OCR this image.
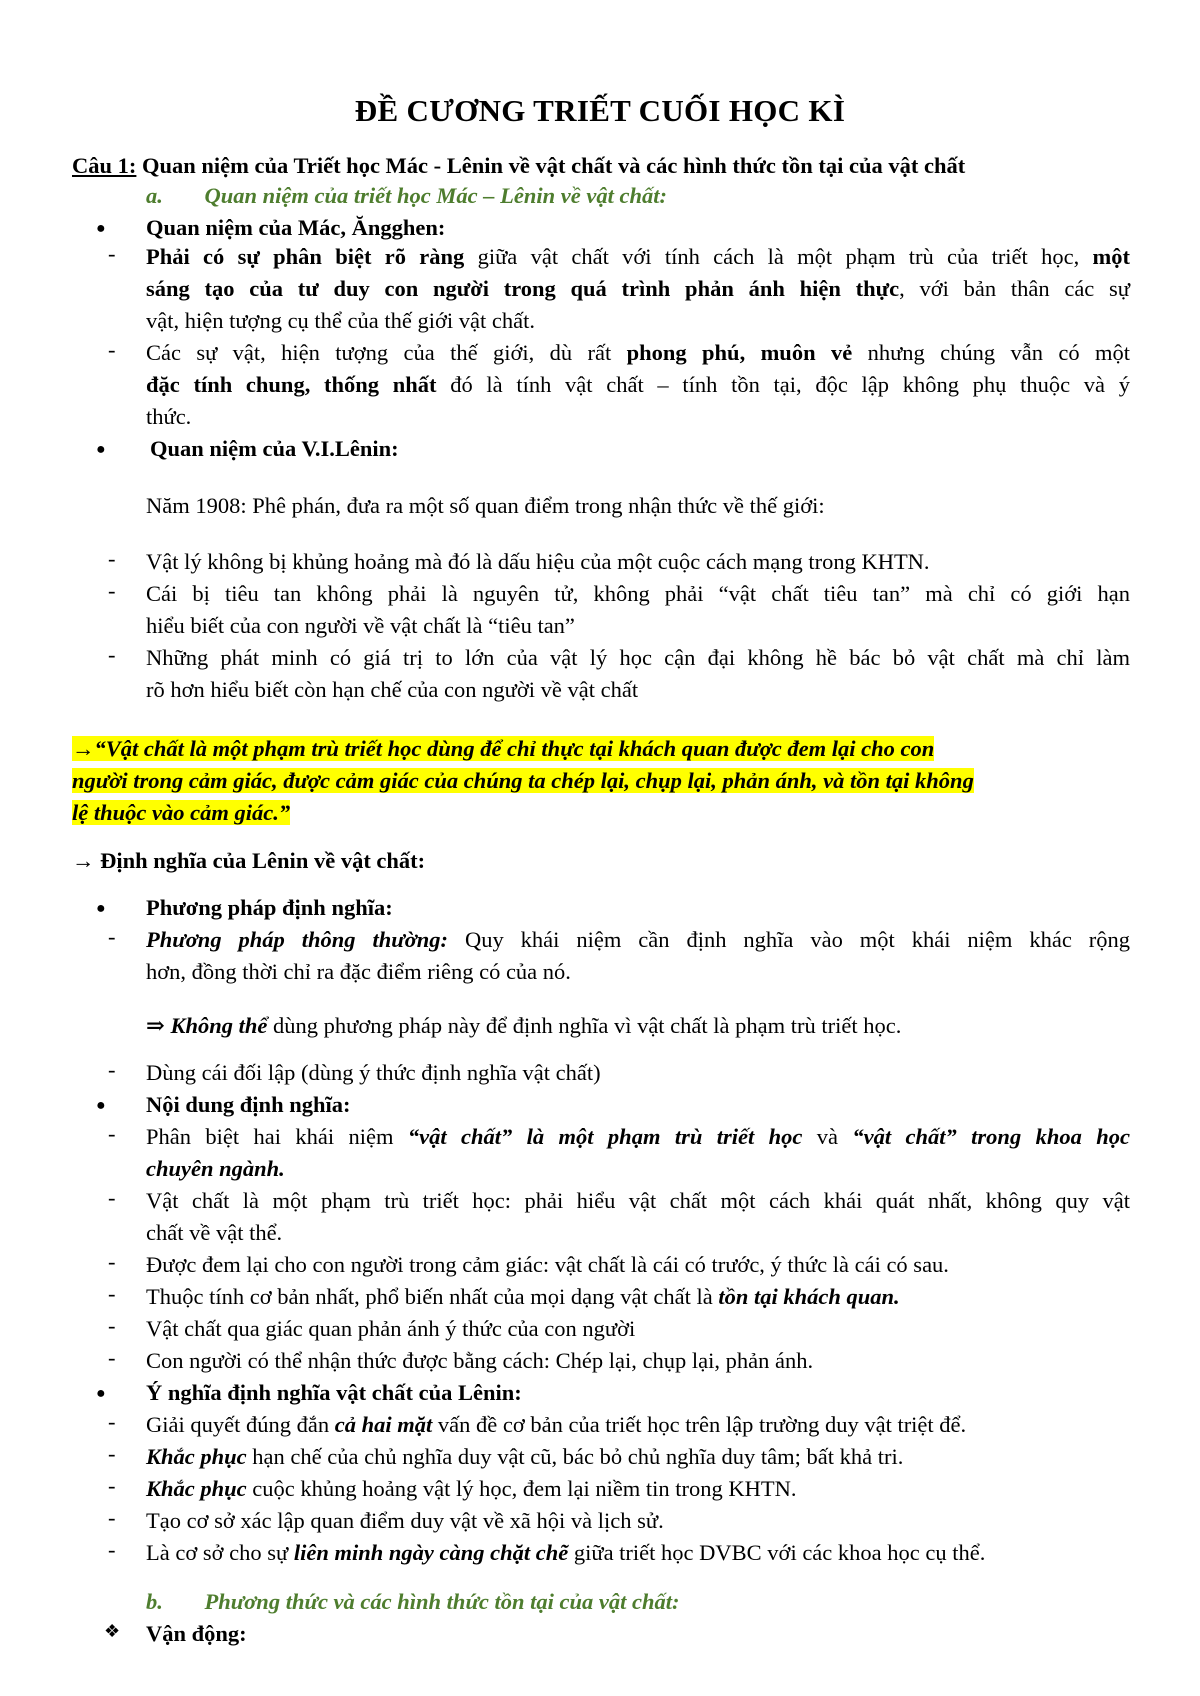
ĐỀ CƯƠNG TRIẾT CUỐI HỌC KÌ
Câu 1: Quan niệm của Triết học Mác - Lênin về vật chất và các hình thức tồn tại của vật chất
a. Quan niệm của triết học Mác – Lênin về vật chất:
● Quan niệm của Mác, Ăngghen:
- Phải có sự phân biệt rõ ràng giữa vật chất với tính cách là một phạm trù của triết học, một
sáng tạo của tư duy con người trong quá trình phản ánh hiện thực, với bản thân các sự
vật, hiện tượng cụ thể của thế giới vật chất.
- Các sự vật, hiện tượng của thế giới, dù rất phong phú, muôn vẻ nhưng chúng vẫn có một
đặc tính chung, thống nhất đó là tính vật chất – tính tồn tại, độc lập không phụ thuộc và ý
thức.
● Quan niệm của V.I.Lênin:
Năm 1908: Phê phán, đưa ra một số quan điểm trong nhận thức về thế giới:
- Vật lý không bị khủng hoảng mà đó là dấu hiệu của một cuộc cách mạng trong KHTN.
- Cái bị tiêu tan không phải là nguyên tử, không phải “vật chất tiêu tan” mà chỉ có giới hạn
hiểu biết của con người về vật chất là “tiêu tan”
- Những phát minh có giá trị to lớn của vật lý học cận đại không hề bác bỏ vật chất mà chỉ làm
rõ hơn hiểu biết còn hạn chế của con người về vật chất
→“Vật chất là một phạm trù triết học dùng để chỉ thực tại khách quan được đem lại cho con
người trong cảm giác, được cảm giác của chúng ta chép lại, chụp lại, phản ánh, và tồn tại không
lệ thuộc vào cảm giác.”
→ Định nghĩa của Lênin về vật chất:
● Phương pháp định nghĩa:
- Phương pháp thông thường: Quy khái niệm cần định nghĩa vào một khái niệm khác rộng
hơn, đồng thời chỉ ra đặc điểm riêng có của nó.
⇒ Không thể dùng phương pháp này để định nghĩa vì vật chất là phạm trù triết học.
- Dùng cái đối lập (dùng ý thức định nghĩa vật chất)
● Nội dung định nghĩa:
- Phân biệt hai khái niệm “vật chất” là một phạm trù triết học và “vật chất” trong khoa học
chuyên ngành.
- Vật chất là một phạm trù triết học: phải hiểu vật chất một cách khái quát nhất, không quy vật
chất về vật thể.
- Được đem lại cho con người trong cảm giác: vật chất là cái có trước, ý thức là cái có sau.
- Thuộc tính cơ bản nhất, phổ biến nhất của mọi dạng vật chất là tồn tại khách quan.
- Vật chất qua giác quan phản ánh ý thức của con người
- Con người có thể nhận thức được bằng cách: Chép lại, chụp lại, phản ánh.
● Ý nghĩa định nghĩa vật chất của Lênin:
- Giải quyết đúng đắn cả hai mặt vấn đề cơ bản của triết học trên lập trường duy vật triệt để.
- Khắc phục hạn chế của chủ nghĩa duy vật cũ, bác bỏ chủ nghĩa duy tâm; bất khả tri.
- Khắc phục cuộc khủng hoảng vật lý học, đem lại niềm tin trong KHTN.
- Tạo cơ sở xác lập quan điểm duy vật về xã hội và lịch sử.
- Là cơ sở cho sự liên minh ngày càng chặt chẽ giữa triết học DVBC với các khoa học cụ thể.
b. Phương thức và các hình thức tồn tại của vật chất:
❖ Vận động:
